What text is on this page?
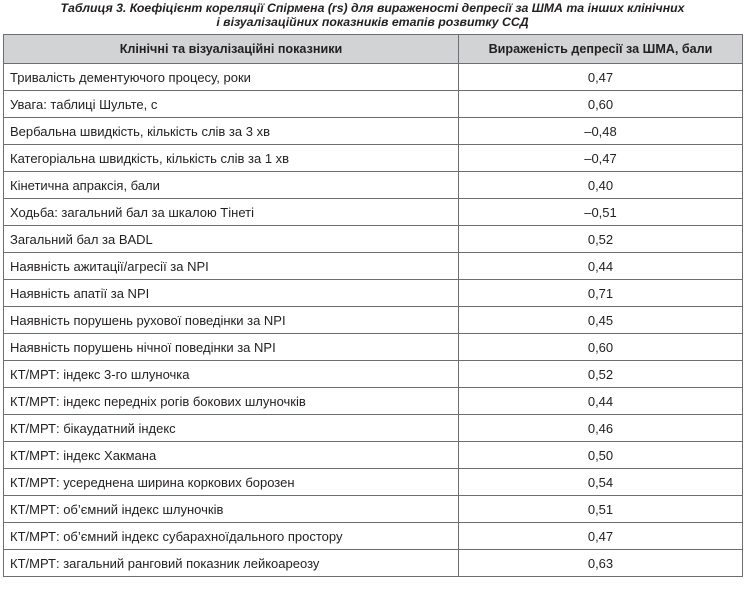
Таблиця 3. Коефіцієнт кореляції Спірмена (rs) для вираженості депресії за ШМА та інших клінічних
і візуалізаційних показників етапів розвитку ССД
Клінічні та візуалізаційні показники	Вираженість депресії за ШМА, бали
Тривалість дементуючого процесу, роки	0,47
Увага: таблиці Шульте, с	0,60
Вербальна швидкість, кількість слів за 3 хв	–0,48
Категоріальна швидкість, кількість слів за 1 хв	–0,47
Кінетична апраксія, бали	0,40
Ходьба: загальний бал за шкалою Тінеті	–0,51
Загальний бал за BADL	0,52
Наявність ажитації/агресії за NPI	0,44
Наявність апатії за NPI	0,71
Наявність порушень рухової поведінки за NPI	0,45
Наявність порушень нічної поведінки за NPI	0,60
КТ/МРТ: індекс 3-го шлуночка	0,52
КТ/МРТ: індекс передніх рогів бокових шлуночків	0,44
КТ/МРТ: бікаудатний індекс	0,46
КТ/МРТ: індекс Хакмана	0,50
КТ/МРТ: усереднена ширина коркових борозен	0,54
КТ/МРТ: об’ємний індекс шлуночків	0,51
КТ/МРТ: об’ємний індекс субарахноїдального простору	0,47
КТ/МРТ: загальний ранговий показник лейкоареозу	0,63
